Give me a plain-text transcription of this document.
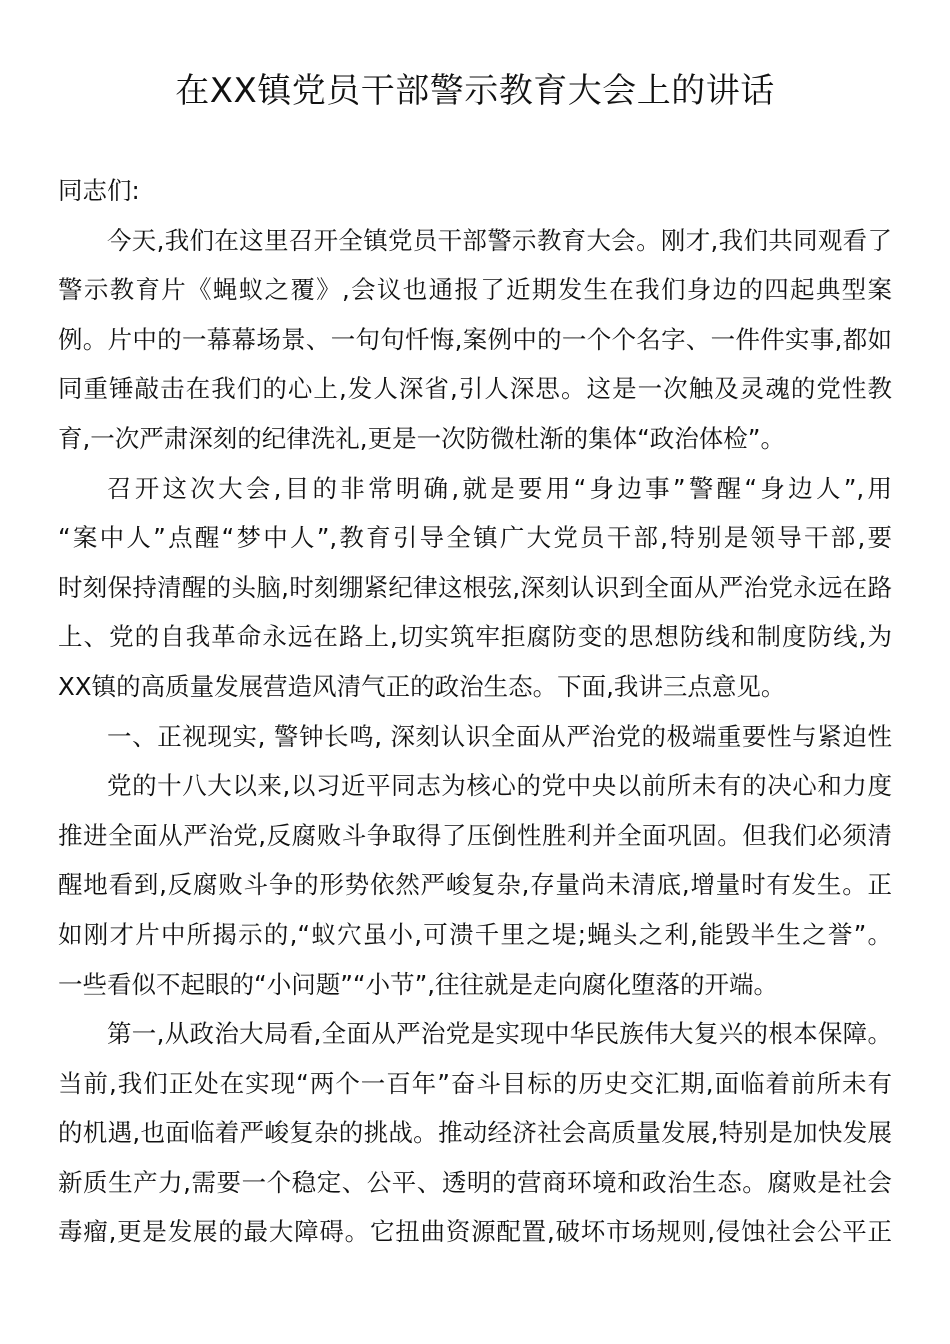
在XX镇党员干部警示教育大会上的讲话
同志们:
今天,我们在这里召开全镇党员干部警示教育大会。刚才,我们共同观看了
警示教育片《蝇蚁之覆》,会议也通报了近期发生在我们身边的四起典型案
例。片中的一幕幕场景、一句句忏悔,案例中的一个个名字、一件件实事,都如
同重锤敲击在我们的心上,发人深省,引人深思。这是一次触及灵魂的党性教
育,一次严肃深刻的纪律洗礼,更是一次防微杜渐的集体“政治体检”。
召开这次大会,目的非常明确,就是要用“身边事”警醒“身边人”,用
“案中人”点醒“梦中人”,教育引导全镇广大党员干部,特别是领导干部,要
时刻保持清醒的头脑,时刻绷紧纪律这根弦,深刻认识到全面从严治党永远在路
上、党的自我革命永远在路上,切实筑牢拒腐防变的思想防线和制度防线,为
XX镇的高质量发展营造风清气正的政治生态。下面,我讲三点意见。
一、正视现实, 警钟长鸣, 深刻认识全面从严治党的极端重要性与紧迫性
党的十八大以来,以习近平同志为核心的党中央以前所未有的决心和力度
推进全面从严治党,反腐败斗争取得了压倒性胜利并全面巩固。但我们必须清
醒地看到,反腐败斗争的形势依然严峻复杂,存量尚未清底,增量时有发生。正
如刚才片中所揭示的,“蚁穴虽小,可溃千里之堤;蝇头之利,能毁半生之誉”。
一些看似不起眼的“小问题”“小节”,往往就是走向腐化堕落的开端。
第一,从政治大局看,全面从严治党是实现中华民族伟大复兴的根本保障。
当前,我们正处在实现“两个一百年”奋斗目标的历史交汇期,面临着前所未有
的机遇,也面临着严峻复杂的挑战。推动经济社会高质量发展,特别是加快发展
新质生产力,需要一个稳定、公平、透明的营商环境和政治生态。腐败是社会
毒瘤,更是发展的最大障碍。它扭曲资源配置,破坏市场规则,侵蚀社会公平正
